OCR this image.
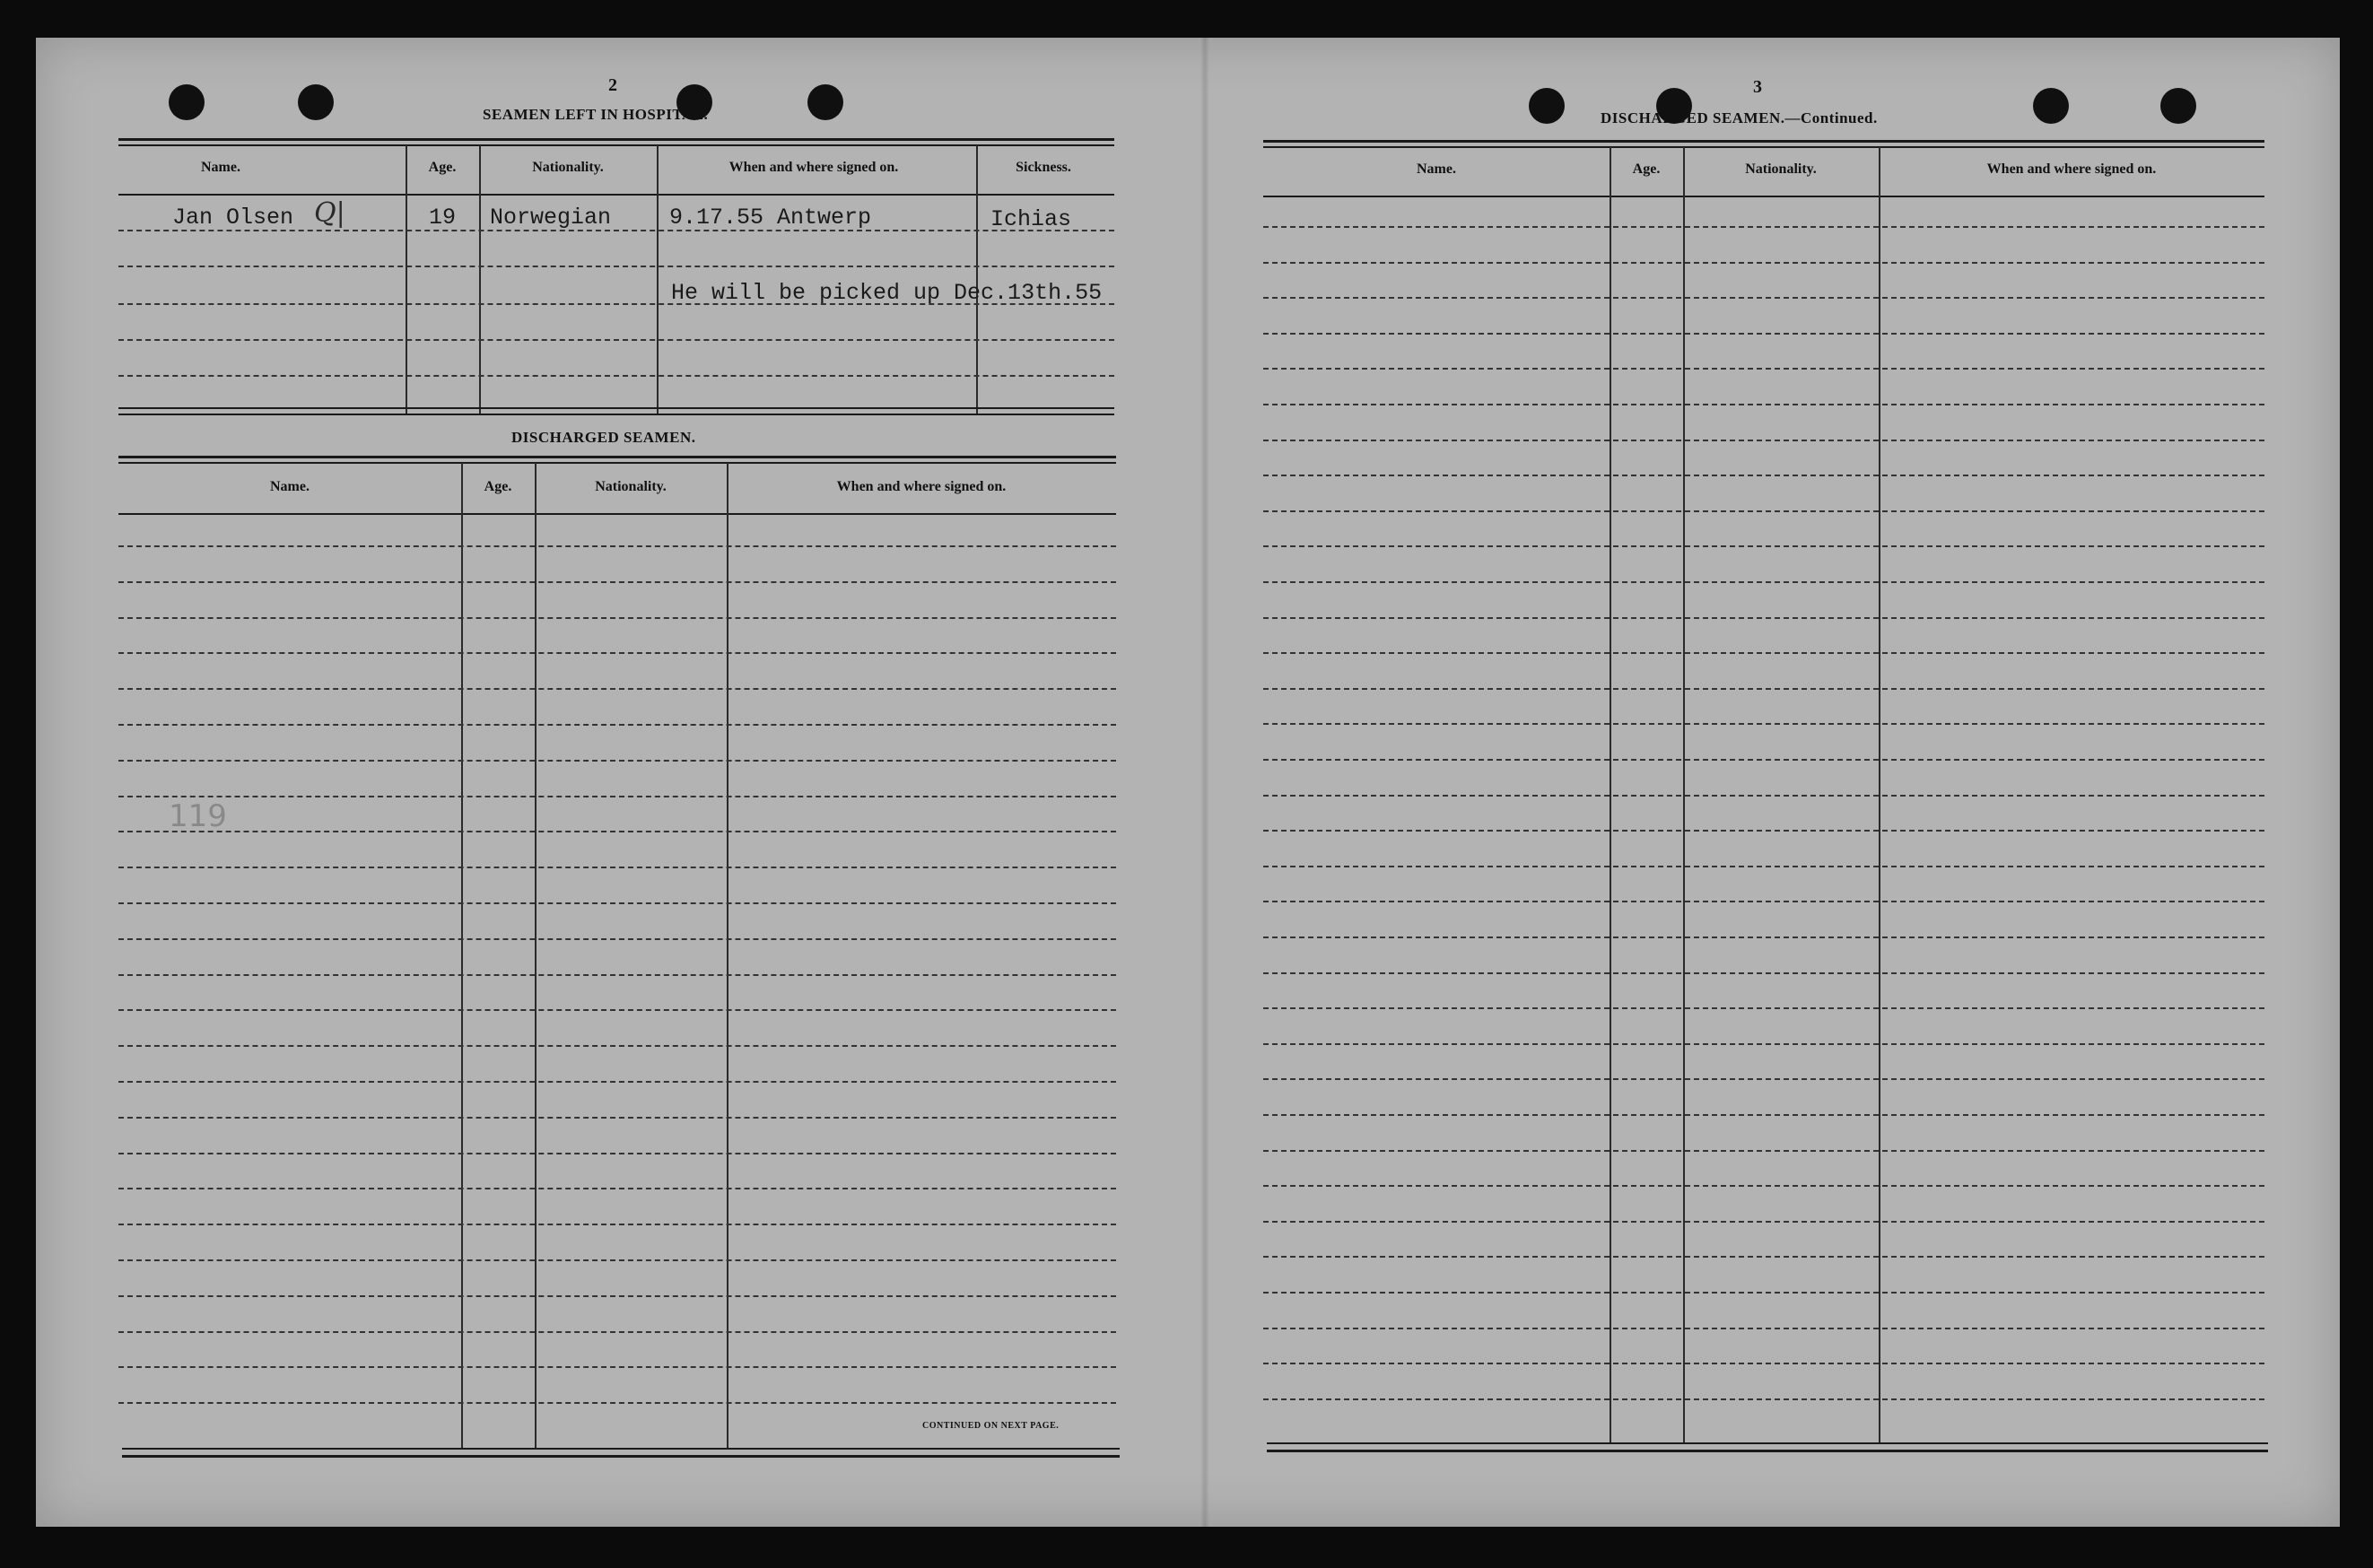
2
SEAMEN LEFT IN HOSPITAL.
Name.	Age.	Nationality.	When and where signed on.	Sickness.
Jan Olsen Q|	19 Norwegian	9.17.55 Antwerp	Ichias
He will be picked up Dec.13th.55
DISCHARGED SEAMEN.
Name.	Age.	Nationality.	When and where signed on.
CONTINUED ON NEXT PAGE.
119
3
DISCHARGED SEAMEN.—Continued.
Name.	Age.	Nationality.	When and where signed on.
